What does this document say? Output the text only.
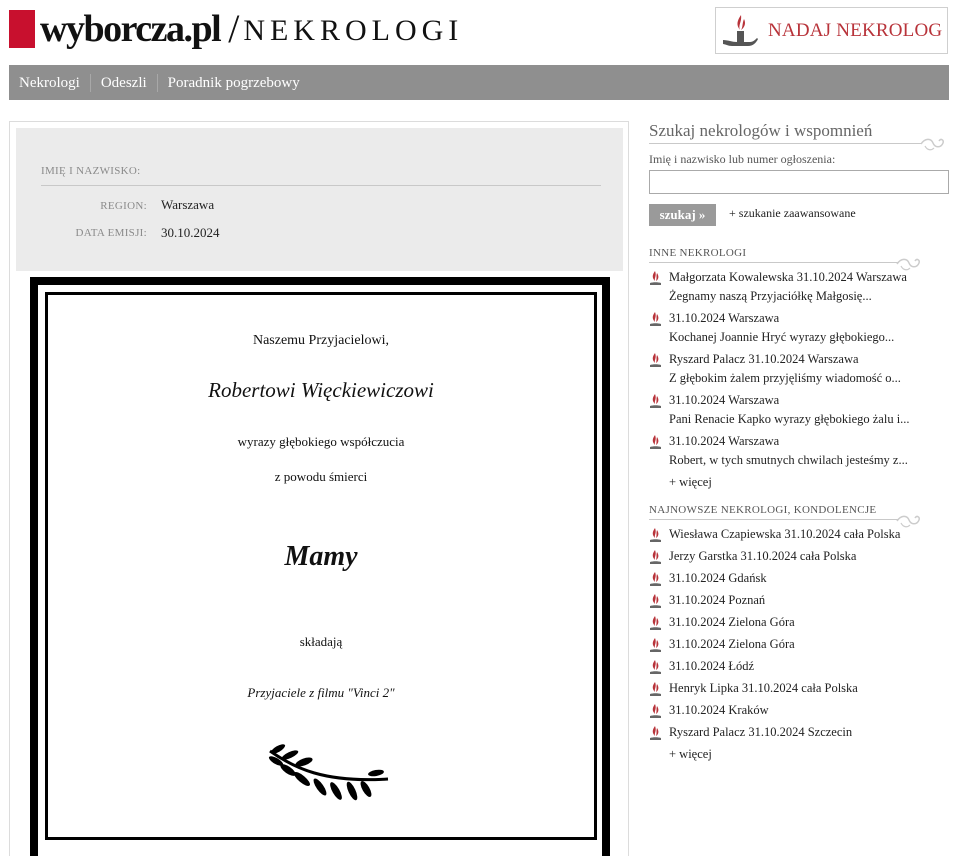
wyborcza.pl / NEKROLOGI	NADAJ NEKROLOG
Nekrologi	Odeszli	Poradnik pogrzebowy
IMIĘ I NAZWISKO:
REGION: Warszawa
DATA EMISJI: 30.10.2024
Naszemu Przyjacielowi,
Robertowi Więckiewiczowi
wyrazy głębokiego współczucia
z powodu śmierci
Mamy
składają
Przyjaciele z filmu "Vinci 2"
Szukaj nekrologów i wspomnień
Imię i nazwisko lub numer ogłoszenia:
szukaj »	+ szukanie zaawansowane
INNE NEKROLOGI
Małgorzata Kowalewska 31.10.2024 Warszawa
Żegnamy naszą Przyjaciółkę Małgosię...
31.10.2024 Warszawa
Kochanej Joannie Hryć wyrazy głębokiego...
Ryszard Palacz 31.10.2024 Warszawa
Z głębokim żalem przyjęliśmy wiadomość o...
31.10.2024 Warszawa
Pani Renacie Kapko wyrazy głębokiego żalu i...
31.10.2024 Warszawa
Robert, w tych smutnych chwilach jesteśmy z...
+ więcej
NAJNOWSZE NEKROLOGI, KONDOLENCJE
Wiesława Czapiewska 31.10.2024 cała Polska
Jerzy Garstka 31.10.2024 cała Polska
31.10.2024 Gdańsk
31.10.2024 Poznań
31.10.2024 Zielona Góra
31.10.2024 Zielona Góra
31.10.2024 Łódź
Henryk Lipka 31.10.2024 cała Polska
31.10.2024 Kraków
Ryszard Palacz 31.10.2024 Szczecin
+ więcej
